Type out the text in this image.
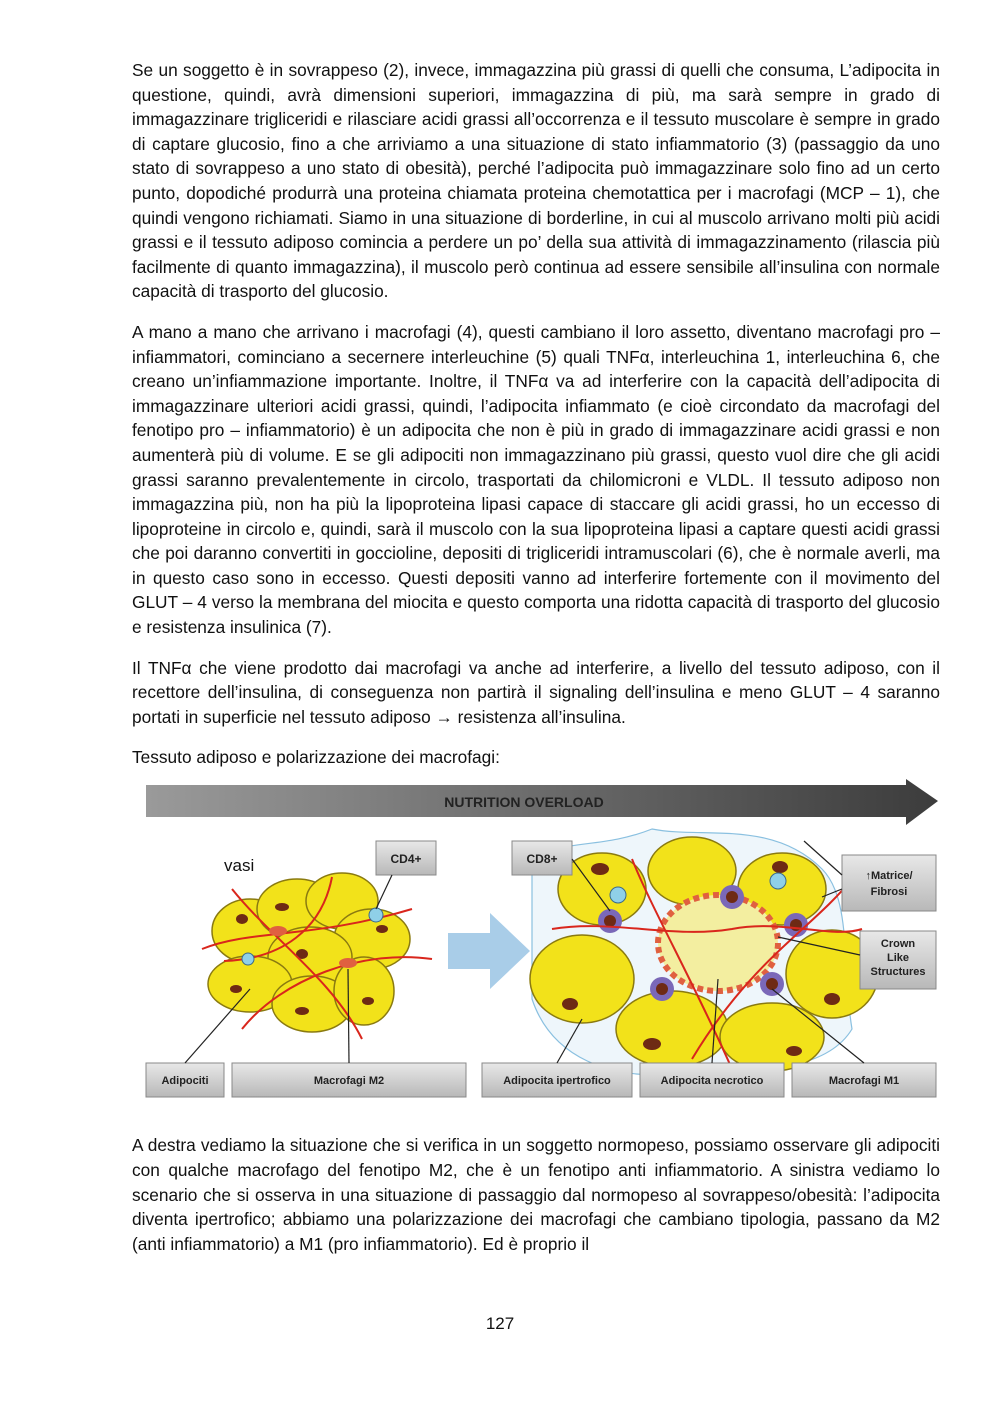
Se un soggetto è in sovrappeso (2), invece, immagazzina più grassi di quelli che consuma, L’adipocita in questione, quindi, avrà dimensioni superiori, immagazzina di più, ma sarà sempre in grado di immagazzinare trigliceridi e rilasciare acidi grassi all’occorrenza e il tessuto muscolare è sempre in grado di captare glucosio, fino a che arriviamo a una situazione di stato infiammatorio (3) (passaggio da uno stato di sovrappeso a uno stato di obesità), perché l’adipocita può immagazzinare solo fino ad un certo punto, dopodiché produrrà una proteina chiamata proteina chemotattica per i macrofagi (MCP – 1), che quindi vengono richiamati. Siamo in una situazione di borderline, in cui al muscolo arrivano molti più acidi grassi e il tessuto adiposo comincia a perdere un po’ della sua attività di immagazzinamento (rilascia più facilmente di quanto immagazzina), il muscolo però continua ad essere sensibile all’insulina con normale capacità di trasporto del glucosio.

A mano a mano che arrivano i macrofagi (4), questi cambiano il loro assetto, diventano macrofagi pro – infiammatori, cominciano a secernere interleuchine (5) quali TNFα, interleuchina 1, interleuchina 6, che creano un’infiammazione importante. Inoltre, il TNFα va ad interferire con la capacità dell’adipocita di immagazzinare ulteriori acidi grassi, quindi, l’adipocita infiammato (e cioè circondato da macrofagi del fenotipo pro – infiammatorio) è un adipocita che non è più in grado di immagazzinare acidi grassi e non aumenterà più di volume. E se gli adipociti non immagazzinano più grassi, questo vuol dire che gli acidi grassi saranno prevalentemente in circolo, trasportati da chilomicroni e VLDL. Il tessuto adiposo non immagazzina più, non ha più la lipoproteina lipasi capace di staccare gli acidi grassi, ho un eccesso di lipoproteine in circolo e, quindi, sarà il muscolo con la sua lipoproteina lipasi a captare questi acidi grassi che poi daranno convertiti in goccioline, depositi di trigliceridi intramuscolari (6), che è normale averli, ma in questo caso sono in eccesso. Questi depositi vanno ad interferire fortemente con il movimento del GLUT – 4 verso la membrana del miocita e questo comporta una ridotta capacità di trasporto del glucosio e resistenza insulinica (7).

Il TNFα che viene prodotto dai macrofagi va anche ad interferire, a livello del tessuto adiposo, con il recettore dell’insulina, di conseguenza non partirà il signaling dell’insulina e meno GLUT – 4 saranno portati in superficie nel tessuto adiposo → resistenza all’insulina.

Tessuto adiposo e polarizzazione dei macrofagi:

NUTRITION OVERLOAD
vasi	CD4+	CD8+
↑Matrice/
Fibrosi
Crown
Like
Structures
Adipociti	Macrofagi M2	Adipocita ipertrofico	Adipocita necrotico	Macrofagi M1

A destra vediamo la situazione che si verifica in un soggetto normopeso, possiamo osservare gli adipociti con qualche macrofago del fenotipo M2, che è un fenotipo anti infiammatorio. A sinistra vediamo lo scenario che si osserva in una situazione di passaggio dal normopeso al sovrappeso/obesità: l’adipocita diventa ipertrofico; abbiamo una polarizzazione dei macrofagi che cambiano tipologia, passano da M2 (anti infiammatorio) a M1 (pro infiammatorio). Ed è proprio il

127
